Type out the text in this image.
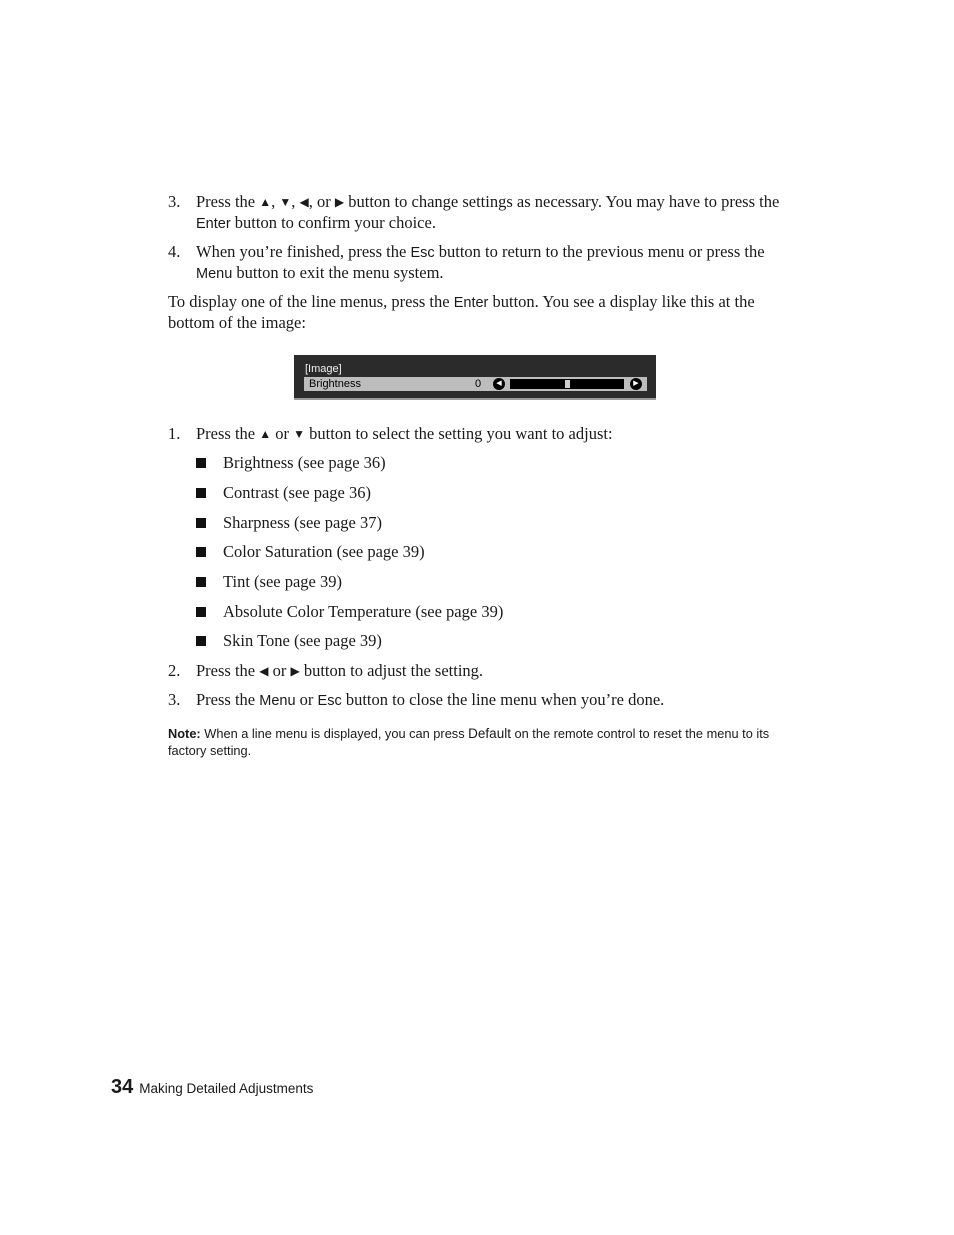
3. Press the ▲, ▼, ◀, or ▶ button to change settings as necessary. You may have to press the Enter button to confirm your choice.
4. When you’re finished, press the Esc button to return to the previous menu or press the Menu button to exit the menu system.
To display one of the line menus, press the Enter button. You see a display like this at the bottom of the image:
[Image]
Brightness	0	◀	▶
1. Press the ▲ or ▼ button to select the setting you want to adjust:
Brightness (see page 36)
Contrast (see page 36)
Sharpness (see page 37)
Color Saturation (see page 39)
Tint (see page 39)
Absolute Color Temperature (see page 39)
Skin Tone (see page 39)
2. Press the ◀ or ▶ button to adjust the setting.
3. Press the Menu or Esc button to close the line menu when you’re done.
Note: When a line menu is displayed, you can press Default on the remote control to reset the menu to its factory setting.
34 Making Detailed Adjustments
